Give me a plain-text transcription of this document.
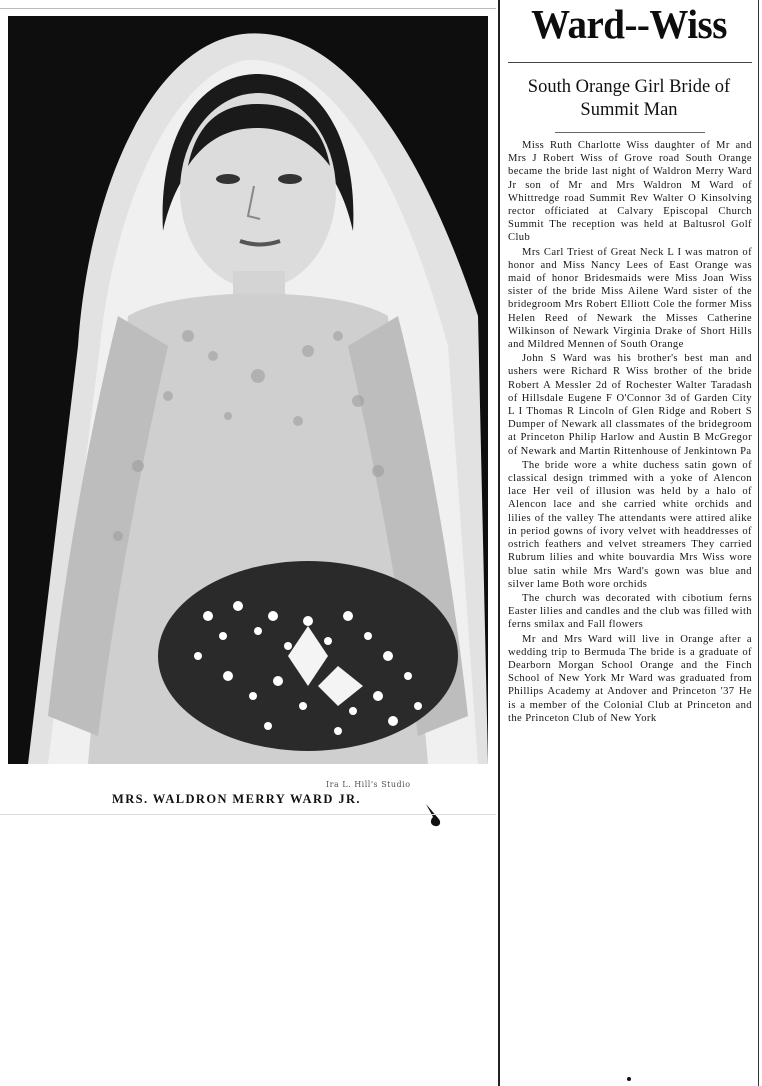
Ira L. Hill's Studio
MRS. WALDRON MERRY WARD JR.
Ward--Wiss
South Orange Girl Bride of Summit Man

Miss Ruth Charlotte Wiss daughter of Mr and Mrs J Robert Wiss of Grove road South Orange became the bride last night of Waldron Merry Ward Jr son of Mr and Mrs Waldron M Ward of Whittredge road Summit Rev Walter O Kinsolving rector officiated at Calvary Episcopal Church Summit The reception was held at Baltusrol Golf Club

Mrs Carl Triest of Great Neck L I was matron of honor and Miss Nancy Lees of East Orange was maid of honor Bridesmaids were Miss Joan Wiss sister of the bride Miss Ailene Ward sister of the bridegroom Mrs Robert Elliott Cole the former Miss Helen Reed of Newark the Misses Catherine Wilkinson of Newark Virginia Drake of Short Hills and Mildred Mennen of South Orange

John S Ward was his brother's best man and ushers were Richard R Wiss brother of the bride Robert A Messler 2d of Rochester Walter Taradash of Hillsdale Eugene F O'Connor 3d of Garden City L I Thomas R Lincoln of Glen Ridge and Robert S Dumper of Newark all classmates of the bridegroom at Princeton Philip Harlow and Austin B McGregor of Newark and Martin Rittenhouse of Jenkintown Pa

The bride wore a white duchess satin gown of classical design trimmed with a yoke of Alencon lace Her veil of illusion was held by a halo of Alencon lace and she carried white orchids and lilies of the valley The attendants were attired alike in period gowns of ivory velvet with headdresses of ostrich feathers and velvet streamers They carried Rubrum lilies and white bouvardia Mrs Wiss wore blue satin while Mrs Ward's gown was blue and silver lame Both wore orchids

The church was decorated with cibotium ferns Easter lilies and candles and the club was filled with ferns smilax and Fall flowers

Mr and Mrs Ward will live in Orange after a wedding trip to Bermuda The bride is a graduate of Dearborn Morgan School Orange and the Finch School of New York Mr Ward was graduated from Phillips Academy at Andover and Princeton '37 He is a member of the Colonial Club at Princeton and the Princeton Club of New York
